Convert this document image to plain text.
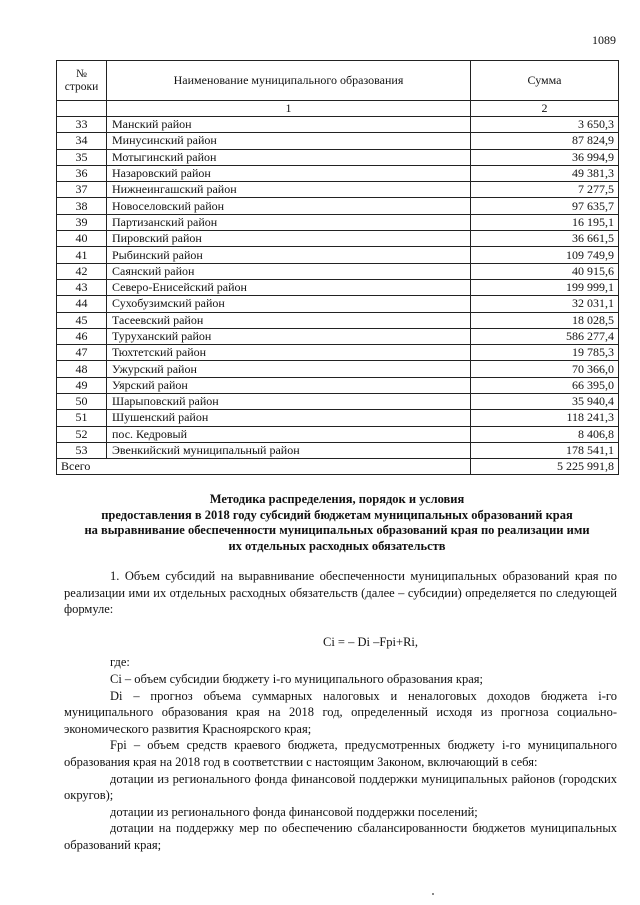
1089
№
строки	Наименование муниципального образования	Сумма
	1	2
33	Манский район	3 650,3
34	Минусинский район	87 824,9
35	Мотыгинский район	36 994,9
36	Назаровский район	49 381,3
37	Нижнеингашский район	7 277,5
38	Новоселовский район	97 635,7
39	Партизанский район	16 195,1
40	Пировский район	36 661,5
41	Рыбинский район	109 749,9
42	Саянский район	40 915,6
43	Северо-Енисейский район	199 999,1
44	Сухобузимский район	32 031,1
45	Тасеевский район	18 028,5
46	Туруханский район	586 277,4
47	Тюхтетский район	19 785,3
48	Ужурский район	70 366,0
49	Уярский район	66 395,0
50	Шарыповский район	35 940,4
51	Шушенский район	118 241,3
52	пос. Кедровый	8 406,8
53	Эвенкийский муниципальный район	178 541,1
Всего		5 225 991,8
Методика распределения, порядок и условия
предоставления в 2018 году субсидий бюджетам муниципальных образований края
на выравнивание обеспеченности муниципальных образований края по реализации ими
их отдельных расходных обязательств

1. Объем субсидий на выравнивание обеспеченности муниципальных образований края по реализации ими их отдельных расходных обязательств (далее – субсидии) определяется по следующей формуле:

Ci = – Di –Fpi+Ri,

где:

Ci – объем субсидии бюджету i-го муниципального образования края;

Di – прогноз объема суммарных налоговых и неналоговых доходов бюджета i-го муниципального образования края на 2018 год, определенный исходя из прогноза социально-экономического развития Красноярского края;

Fpi – объем средств краевого бюджета, предусмотренных бюджету i-го муниципального образования края на 2018 год в соответствии с настоящим Законом, включающий в себя:

дотации из регионального фонда финансовой поддержки муниципальных районов (городских округов);

дотации из регионального фонда финансовой поддержки поселений;

дотации на поддержку мер по обеспечению сбалансированности бюджетов муниципальных образований края;
